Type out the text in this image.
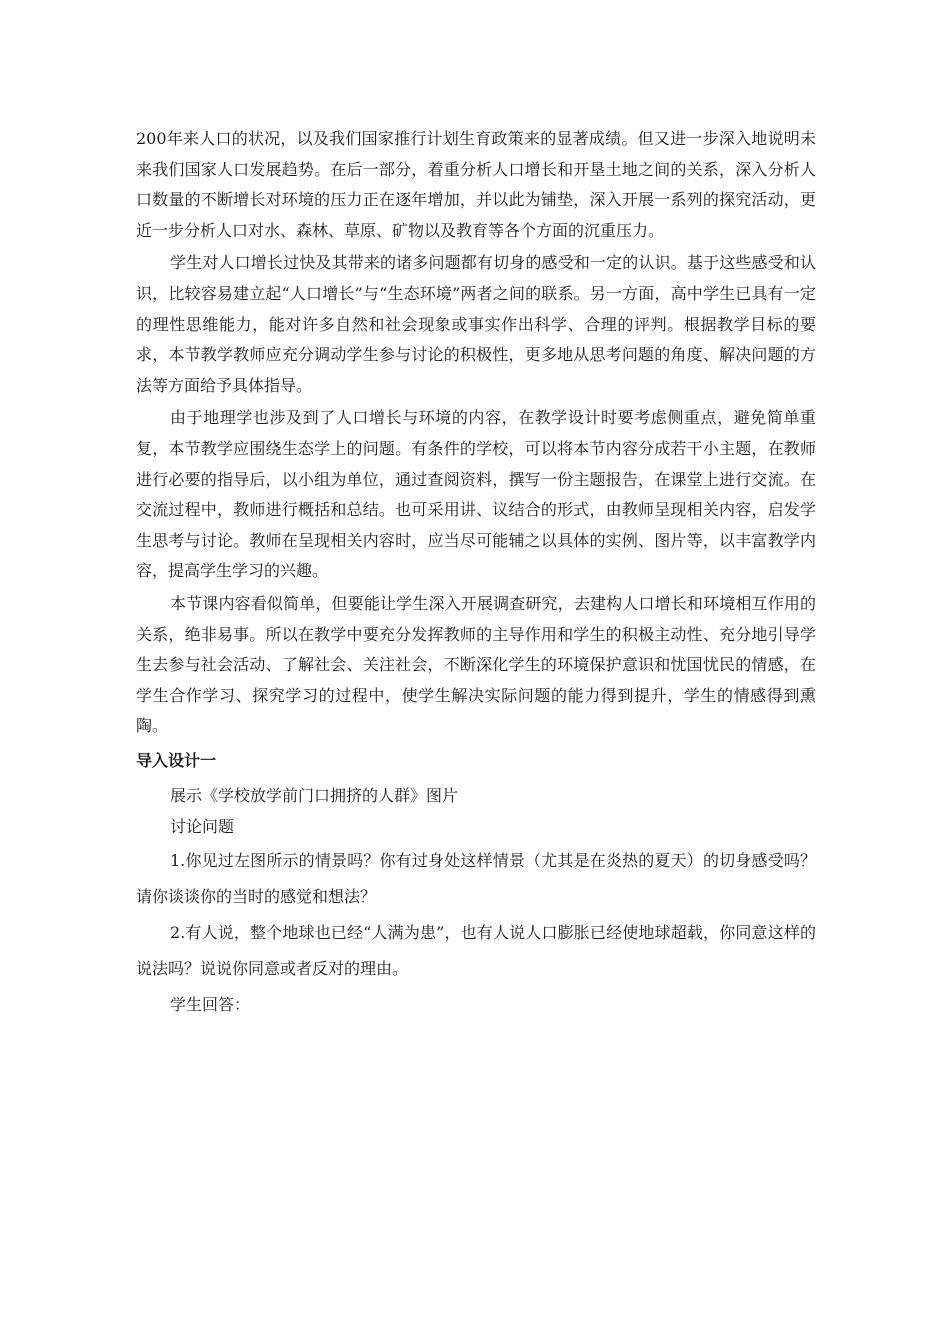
200年来人口的状况，以及我们国家推行计划生育政策来的显著成绩。但又进一步深入地说明未来我们国家人口发展趋势。在后一部分，着重分析人口增长和开垦土地之间的关系，深入分析人口数量的不断增长对环境的压力正在逐年增加，并以此为铺垫，深入开展一系列的探究活动，更近一步分析人口对水、森林、草原、矿物以及教育等各个方面的沉重压力。

学生对人口增长过快及其带来的诸多问题都有切身的感受和一定的认识。基于这些感受和认识，比较容易建立起“人口增长”与“生态环境”两者之间的联系。另一方面，高中学生已具有一定的理性思维能力，能对许多自然和社会现象或事实作出科学、合理的评判。根据教学目标的要求，本节教学教师应充分调动学生参与讨论的积极性，更多地从思考问题的角度、解决问题的方法等方面给予具体指导。

由于地理学也涉及到了人口增长与环境的内容，在教学设计时要考虑侧重点，避免简单重复，本节教学应围绕生态学上的问题。有条件的学校，可以将本节内容分成若干小主题，在教师进行必要的指导后，以小组为单位，通过查阅资料，撰写一份主题报告，在课堂上进行交流。在交流过程中，教师进行概括和总结。也可采用讲、议结合的形式，由教师呈现相关内容，启发学生思考与讨论。教师在呈现相关内容时，应当尽可能辅之以具体的实例、图片等，以丰富教学内容，提高学生学习的兴趣。

本节课内容看似简单，但要能让学生深入开展调查研究，去建构人口增长和环境相互作用的关系，绝非易事。所以在教学中要充分发挥教师的主导作用和学生的积极主动性、充分地引导学生去参与社会活动、了解社会、关注社会，不断深化学生的环境保护意识和忧国忧民的情感，在学生合作学习、探究学习的过程中，使学生解决实际问题的能力得到提升，学生的情感得到熏陶。

导入设计一

展示《学校放学前门口拥挤的人群》图片

讨论问题

1.你见过左图所示的情景吗？你有过身处这样情景（尤其是在炎热的夏天）的切身感受吗？请你谈谈你的当时的感觉和想法？

2.有人说，整个地球也已经“人满为患”，也有人说人口膨胀已经使地球超载，你同意这样的说法吗？说说你同意或者反对的理由。

学生回答：
